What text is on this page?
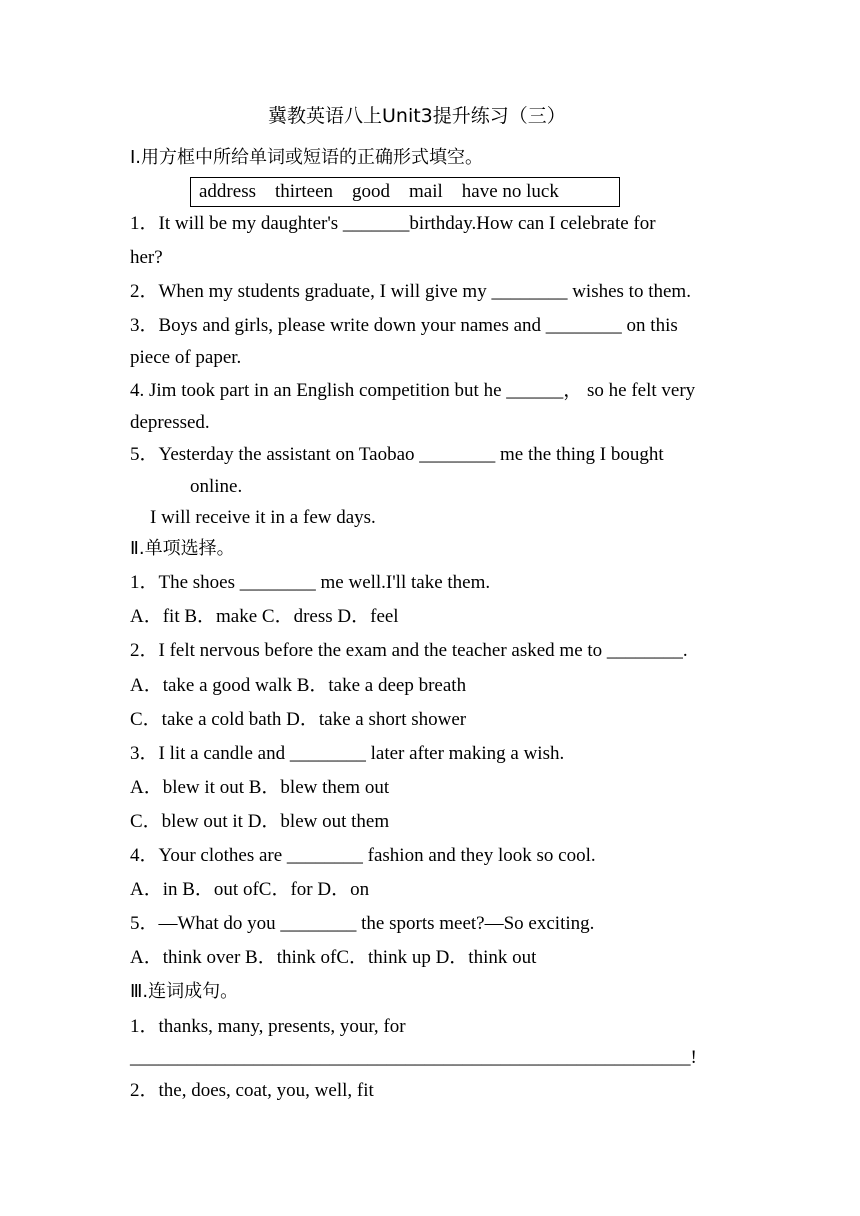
冀教英语八上Unit3提升练习（三）
Ⅰ.用方框中所给单词或短语的正确形式填空。
address    thirteen    good    mail    have no luck
1．It will be my daughter's _______birthday.How can I celebrate for
her?
2．When my students graduate, I will give my ________ wishes to them.
3．Boys and girls, please write down your names and ________ on this
piece of paper.
4. Jim took part in an English competition but he ______， so he felt very
depressed.
5．Yesterday the assistant on Taobao ________ me the thing I bought
online.
I will receive it in a few days.
Ⅱ.单项选择。
1．The shoes ________ me well.I'll take them.
A．fit B．make C．dress D．feel
2．I felt nervous before the exam and the teacher asked me to ________.
A．take a good walk B．take a deep breath
C．take a cold bath D．take a short shower
3．I lit a candle and ________ later after making a wish.
A．blew it out B．blew them out
C．blew out it D．blew out them
4．Your clothes are ________ fashion and they look so cool.
A．in B．out ofC．for D．on
5．—What do you ________ the sports meet?—So exciting.
A．think over B．think ofC．think up D．think out
Ⅲ.连词成句。
1．thanks, many, presents, your, for
___________________________________________________________!
2．the, does, coat, you, well, fit
